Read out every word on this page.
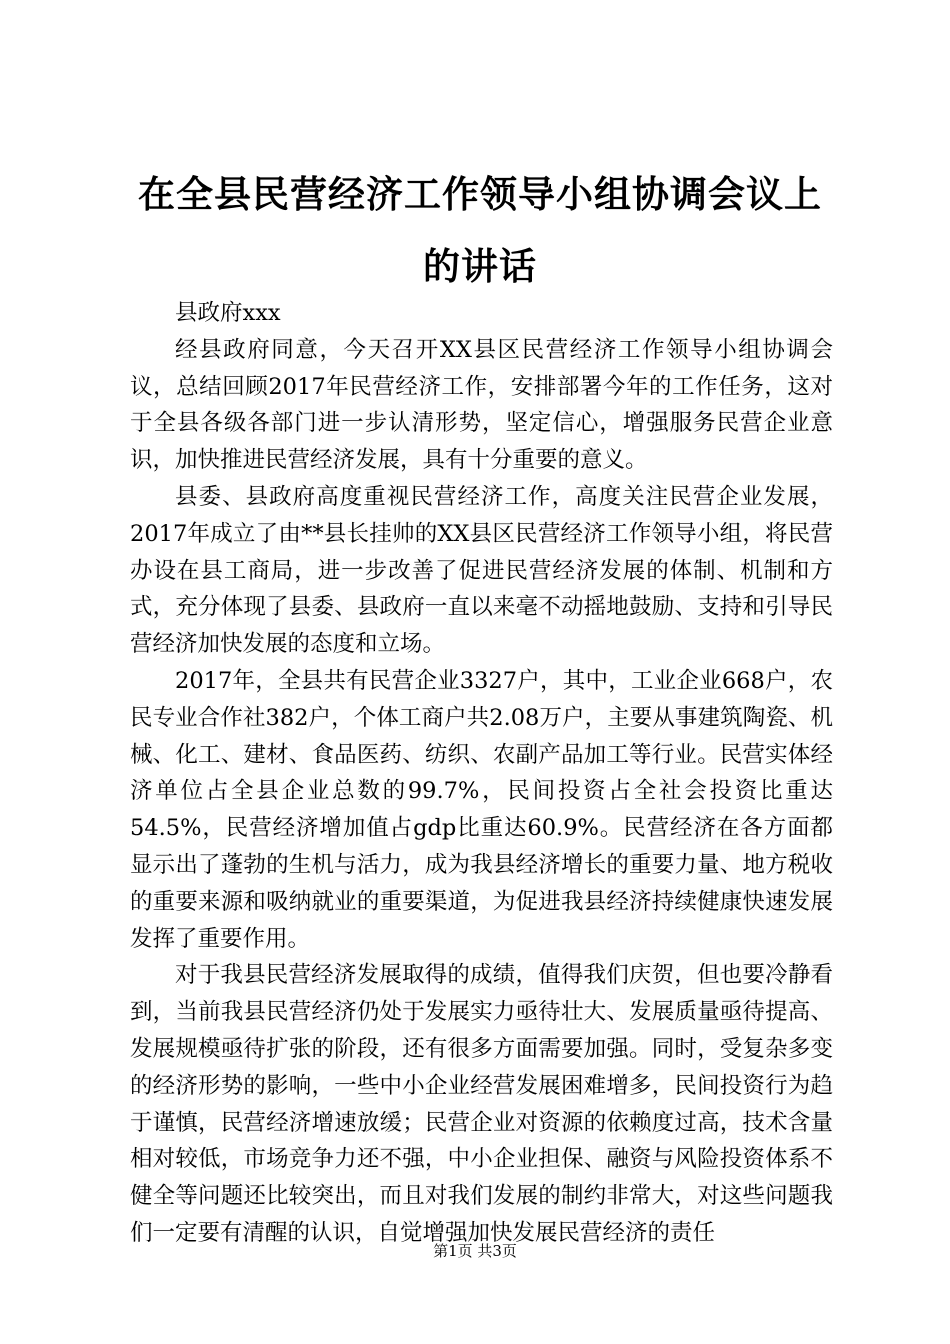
在全县民营经济工作领导小组协调会议上的讲话

县政府xxx

经县政府同意，今天召开XX县区民营经济工作领导小组协调会议，总结回顾2017年民营经济工作，安排部署今年的工作任务，这对于全县各级各部门进一步认清形势，坚定信心，增强服务民营企业意识，加快推进民营经济发展，具有十分重要的意义。

县委、县政府高度重视民营经济工作，高度关注民营企业发展，2017年成立了由**县长挂帅的XX县区民营经济工作领导小组，将民营办设在县工商局，进一步改善了促进民营经济发展的体制、机制和方式，充分体现了县委、县政府一直以来毫不动摇地鼓励、支持和引导民营经济加快发展的态度和立场。

2017年，全县共有民营企业3327户，其中，工业企业668户，农民专业合作社382户，个体工商户共2.08万户，主要从事建筑陶瓷、机械、化工、建材、食品医药、纺织、农副产品加工等行业。民营实体经济单位占全县企业总数的99.7%，民间投资占全社会投资比重达54.5%，民营经济增加值占gdp比重达60.9%。民营经济在各方面都显示出了蓬勃的生机与活力，成为我县经济增长的重要力量、地方税收的重要来源和吸纳就业的重要渠道，为促进我县经济持续健康快速发展发挥了重要作用。

对于我县民营经济发展取得的成绩，值得我们庆贺，但也要冷静看到，当前我县民营经济仍处于发展实力亟待壮大、发展质量亟待提高、发展规模亟待扩张的阶段，还有很多方面需要加强。同时，受复杂多变的经济形势的影响，一些中小企业经营发展困难增多，民间投资行为趋于谨慎，民营经济增速放缓；民营企业对资源的依赖度过高，技术含量相对较低，市场竞争力还不强，中小企业担保、融资与风险投资体系不健全等问题还比较突出，而且对我们发展的制约非常大，对这些问题我们一定要有清醒的认识，自觉增强加快发展民营经济的责任

第1页 共3页
